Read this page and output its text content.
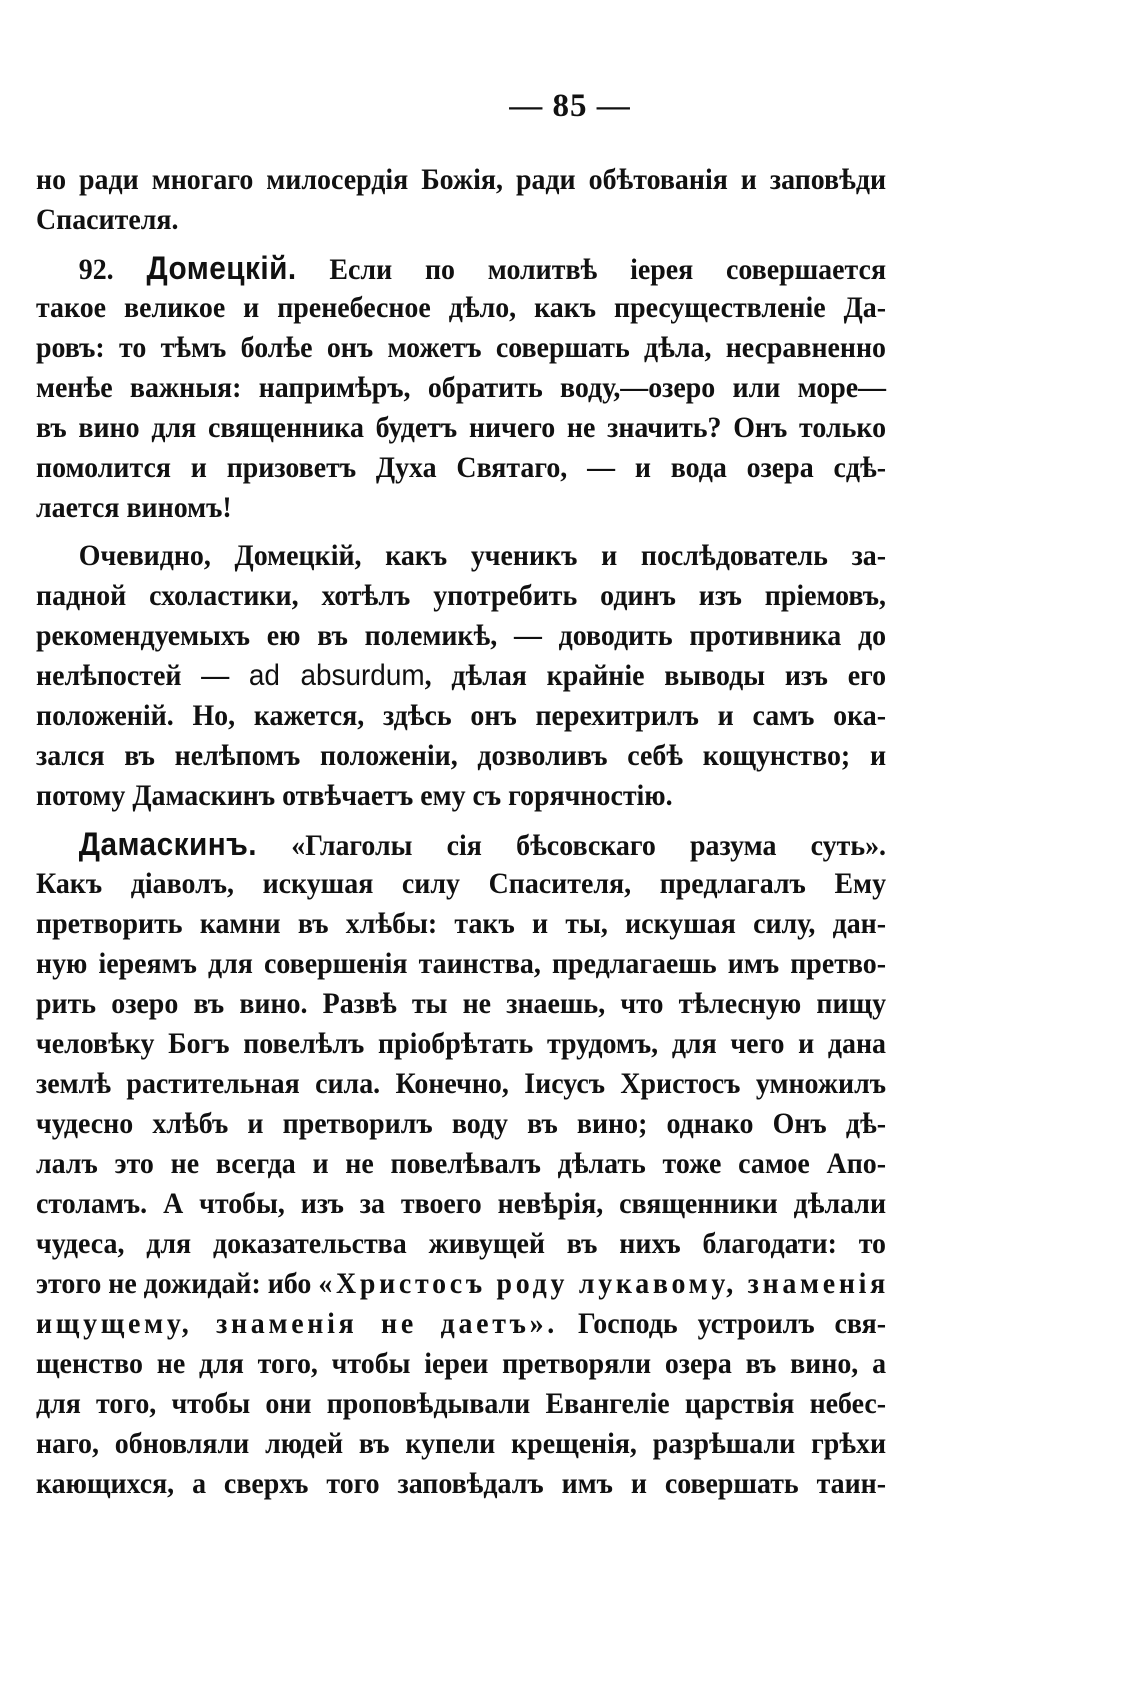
— 85 —
но ради многаго милосердія Божія, ради обѣтованія и заповѣди
Спасителя.
92. Домецкій. Если по молитвѣ іерея совершается
такое великое и пренебесное дѣло, какъ пресуществленіе Да-
ровъ: то тѣмъ болѣе онъ можетъ совершать дѣла, несравненно
менѣе важныя: напримѣръ, обратить воду,—озеро или море—
въ вино для священника будетъ ничего не значить? Онъ только
помолится и призоветъ Духа Святаго, — и вода озера сдѣ-
лается виномъ!
Очевидно, Домецкій, какъ ученикъ и послѣдователь за-
падной схоластики, хотѣлъ употребить одинъ изъ пріемовъ,
рекомендуемыхъ ею въ полемикѣ, — доводить противника до
нелѣпостей — ad absurdum, дѣлая крайніе выводы изъ его
положеній. Но, кажется, здѣсь онъ перехитрилъ и самъ ока-
зался въ нелѣпомъ положеніи, дозволивъ себѣ кощунство; и
потому Дамаскинъ отвѣчаетъ ему съ горячностію.
Дамаскинъ. «Глаголы сія бѣсовскаго разума суть».
Какъ діаволъ, искушая силу Спасителя, предлагалъ Ему
претворить камни въ хлѣбы: такъ и ты, искушая силу, дан-
ную іереямъ для совершенія таинства, предлагаешь имъ претво-
рить озеро въ вино. Развѣ ты не знаешь, что тѣлесную пищу
человѣку Богъ повелѣлъ пріобрѣтать трудомъ, для чего и дана
землѣ растительная сила. Конечно, Іисусъ Христосъ умножилъ
чудесно хлѣбъ и претворилъ воду въ вино; однако Онъ дѣ-
лалъ это не всегда и не повелѣвалъ дѣлать тоже самое Апо-
столамъ. А чтобы, изъ за твоего невѣрія, священники дѣлали
чудеса, для доказательства живущей въ нихъ благодати: то
этого не дожидай: ибо «Христосъ роду лукавому, знаменія
ищущему, знаменія не даетъ». Господь устроилъ свя-
щенство не для того, чтобы іереи претворяли озера въ вино, а
для того, чтобы они проповѣдывали Евангеліе царствія небес-
наго, обновляли людей въ купели крещенія, разрѣшали грѣхи
кающихся, а сверхъ того заповѣдалъ имъ и совершать таин-
